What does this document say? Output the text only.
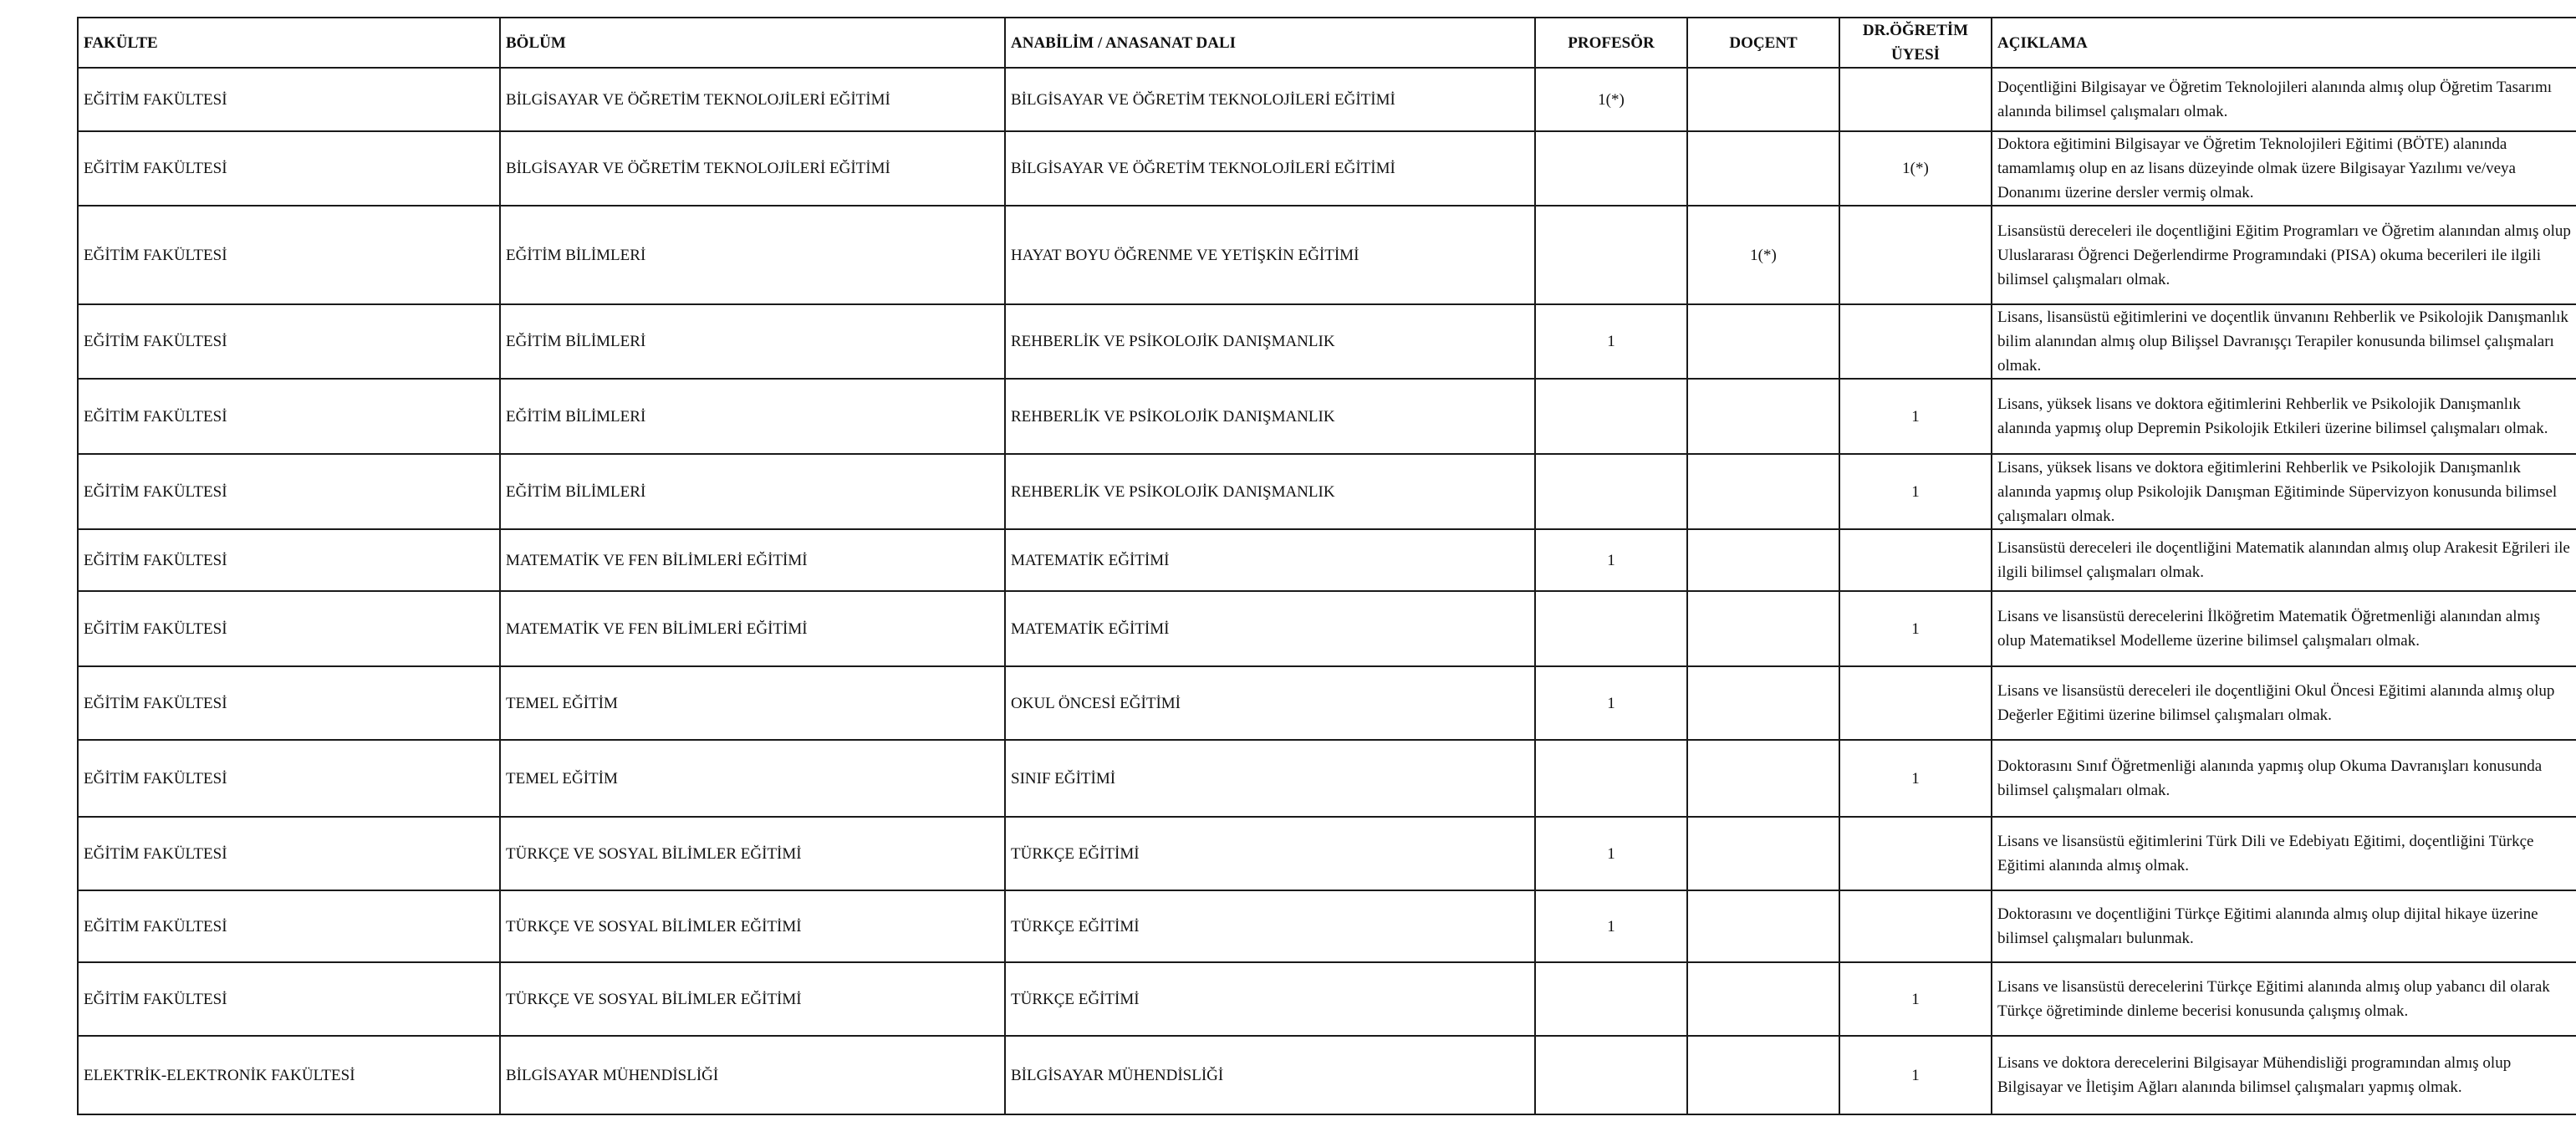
FAKÜLTE	BÖLÜM	ANABİLİM / ANASANAT DALI	PROFESÖR	DOÇENT	DR.ÖĞRETİM ÜYESİ	AÇIKLAMA
EĞİTİM FAKÜLTESİ	BİLGİSAYAR VE ÖĞRETİM TEKNOLOJİLERİ EĞİTİMİ	BİLGİSAYAR VE ÖĞRETİM TEKNOLOJİLERİ EĞİTİMİ	1(*)			Doçentliğini Bilgisayar ve Öğretim Teknolojileri alanında almış olup Öğretim Tasarımı alanında bilimsel çalışmaları olmak.
EĞİTİM FAKÜLTESİ	BİLGİSAYAR VE ÖĞRETİM TEKNOLOJİLERİ EĞİTİMİ	BİLGİSAYAR VE ÖĞRETİM TEKNOLOJİLERİ EĞİTİMİ			1(*)	Doktora eğitimini Bilgisayar ve Öğretim Teknolojileri Eğitimi (BÖTE) alanında tamamlamış olup en az lisans düzeyinde olmak üzere Bilgisayar Yazılımı ve/veya Donanımı üzerine dersler vermiş olmak.
EĞİTİM FAKÜLTESİ	EĞİTİM BİLİMLERİ	HAYAT BOYU ÖĞRENME VE YETİŞKİN EĞİTİMİ		1(*)		Lisansüstü dereceleri ile doçentliğini Eğitim Programları ve Öğretim alanından almış olup Uluslararası Öğrenci Değerlendirme Programındaki (PISA) okuma becerileri ile ilgili bilimsel çalışmaları olmak.
EĞİTİM FAKÜLTESİ	EĞİTİM BİLİMLERİ	REHBERLİK VE PSİKOLOJİK DANIŞMANLIK	1			Lisans, lisansüstü eğitimlerini ve doçentlik ünvanını Rehberlik ve Psikolojik Danışmanlık bilim alanından almış olup Bilişsel Davranışçı Terapiler konusunda bilimsel çalışmaları olmak.
EĞİTİM FAKÜLTESİ	EĞİTİM BİLİMLERİ	REHBERLİK VE PSİKOLOJİK DANIŞMANLIK			1	Lisans, yüksek lisans ve doktora eğitimlerini Rehberlik ve Psikolojik Danışmanlık alanında yapmış olup Depremin Psikolojik Etkileri üzerine bilimsel çalışmaları olmak.
EĞİTİM FAKÜLTESİ	EĞİTİM BİLİMLERİ	REHBERLİK VE PSİKOLOJİK DANIŞMANLIK			1	Lisans, yüksek lisans ve doktora eğitimlerini Rehberlik ve Psikolojik Danışmanlık alanında yapmış olup Psikolojik Danışman Eğitiminde Süpervizyon konusunda bilimsel çalışmaları olmak.
EĞİTİM FAKÜLTESİ	MATEMATİK VE FEN BİLİMLERİ EĞİTİMİ	MATEMATİK EĞİTİMİ	1			Lisansüstü dereceleri ile doçentliğini Matematik alanından almış olup Arakesit Eğrileri ile ilgili bilimsel çalışmaları olmak.
EĞİTİM FAKÜLTESİ	MATEMATİK VE FEN BİLİMLERİ EĞİTİMİ	MATEMATİK EĞİTİMİ			1	Lisans ve lisansüstü derecelerini İlköğretim Matematik Öğretmenliği alanından almış olup Matematiksel Modelleme üzerine bilimsel çalışmaları olmak.
EĞİTİM FAKÜLTESİ	TEMEL EĞİTİM	OKUL ÖNCESİ EĞİTİMİ	1			Lisans ve lisansüstü dereceleri ile doçentliğini Okul Öncesi Eğitimi alanında almış olup Değerler Eğitimi üzerine bilimsel çalışmaları olmak.
EĞİTİM FAKÜLTESİ	TEMEL EĞİTİM	SINIF EĞİTİMİ			1	Doktorasını Sınıf Öğretmenliği alanında yapmış olup Okuma Davranışları konusunda bilimsel çalışmaları olmak.
EĞİTİM FAKÜLTESİ	TÜRKÇE VE SOSYAL BİLİMLER EĞİTİMİ	TÜRKÇE EĞİTİMİ	1			Lisans ve lisansüstü eğitimlerini Türk Dili ve Edebiyatı Eğitimi, doçentliğini Türkçe Eğitimi alanında almış olmak.
EĞİTİM FAKÜLTESİ	TÜRKÇE VE SOSYAL BİLİMLER EĞİTİMİ	TÜRKÇE EĞİTİMİ	1			Doktorasını ve doçentliğini Türkçe Eğitimi alanında almış olup dijital hikaye üzerine bilimsel çalışmaları bulunmak.
EĞİTİM FAKÜLTESİ	TÜRKÇE VE SOSYAL BİLİMLER EĞİTİMİ	TÜRKÇE EĞİTİMİ			1	Lisans ve lisansüstü derecelerini Türkçe Eğitimi alanında almış olup yabancı dil olarak Türkçe öğretiminde dinleme becerisi konusunda çalışmış olmak.
ELEKTRİK-ELEKTRONİK FAKÜLTESİ	BİLGİSAYAR MÜHENDİSLİĞİ	BİLGİSAYAR MÜHENDİSLİĞİ			1	Lisans ve doktora derecelerini Bilgisayar Mühendisliği programından almış olup Bilgisayar ve İletişim Ağları alanında bilimsel çalışmaları yapmış olmak.
